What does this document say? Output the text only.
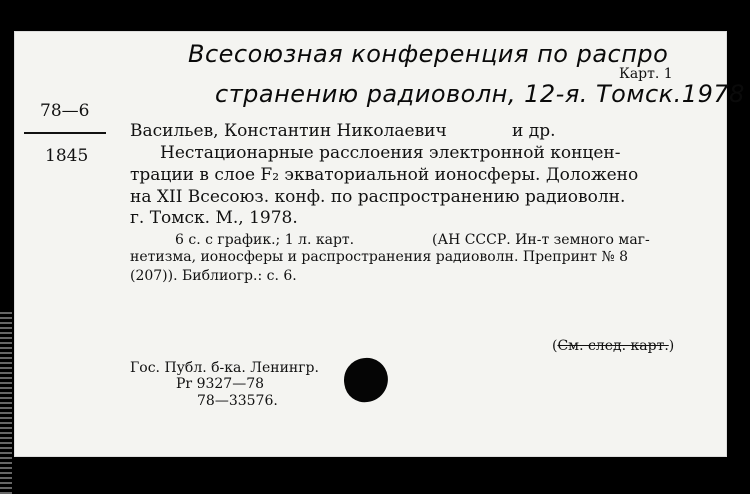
Всесоюзная конференция по распро
странению радиоволн, 12-я. Томск.1978
Карт. 1
78—6
1845
Васильев, Константин Николаевич	и др.
Нестационарные расслоения электронной концен-
трации в слое F₂ экваториальной ионосферы. Доложено
на XII Всесоюз. конф. по распространению радиоволн.
г. Томск. М., 1978.
6 с. с график.; 1 л. карт.	(АН СССР. Ин-т земного маг-
нетизма, ионосферы и распространения радиоволн. Препринт № 8
(207)). Библиогр.: с. 6.
(См. след. карт.)
Гос. Публ. б-ка. Ленингр.
Pr 9327—78
78—33576.
